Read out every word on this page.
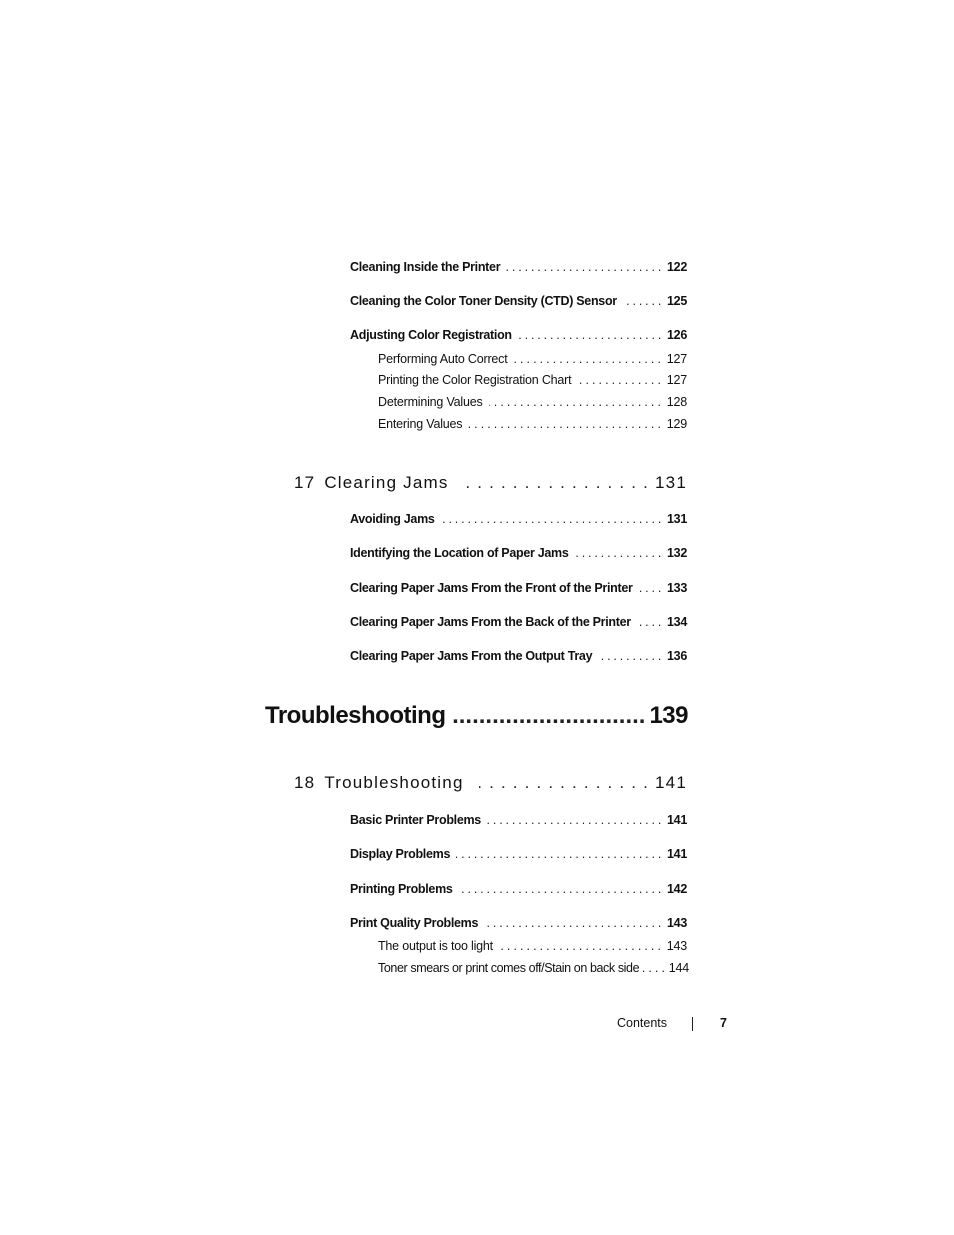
Cleaning Inside the Printer . . .	122
Cleaning the Color Toner Density (CTD) Sensor . . .	125
Adjusting Color Registration . . .	126
Performing Auto Correct . . .	127
Printing the Color Registration Chart . . .	127
Determining Values . . .	128
Entering Values . . .	129
17 Clearing Jams . . .	131
Avoiding Jams . . .	131
Identifying the Location of Paper Jams . . .	132
Clearing Paper Jams From the Front of the Printer . . .	133
Clearing Paper Jams From the Back of the Printer . . .	134
Clearing Paper Jams From the Output Tray . . .	136
Troubleshooting .....	139
18 Troubleshooting . . .	141
Basic Printer Problems . . .	141
Display Problems . . .	141
Printing Problems . . .	142
Print Quality Problems . . .	143
The output is too light . . .	143
Toner smears or print comes off/Stain on back side . . . 144
Contents	7
